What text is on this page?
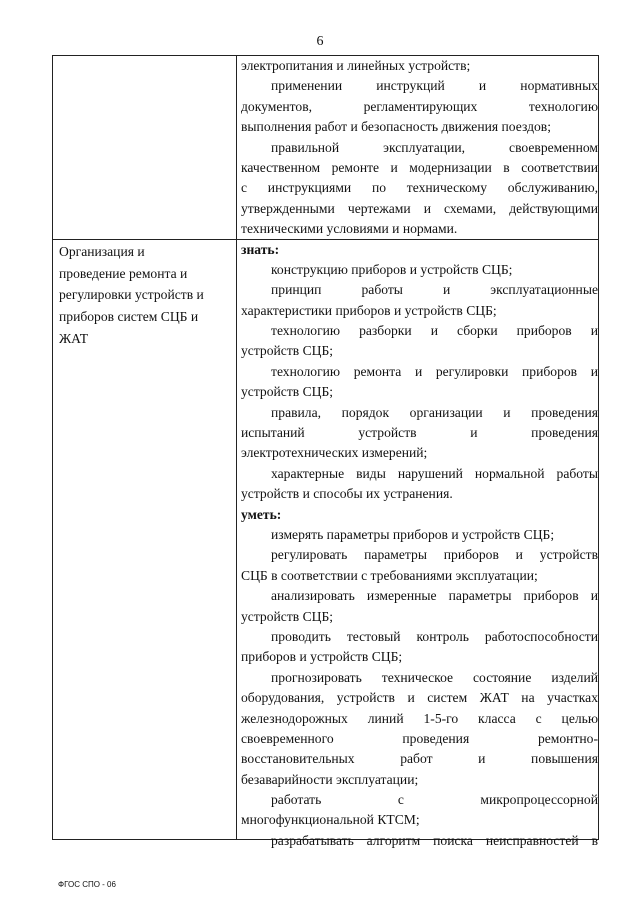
6
Организация и
проведение ремонта и
регулировки устройств и
приборов систем СЦБ и
ЖАТ
электропитания и линейных устройств;
применении инструкций и нормативных
документов, регламентирующих технологию
выполнения работ и безопасность движения поездов;
правильной эксплуатации, своевременном
качественном ремонте и модернизации в соответствии
с инструкциями по техническому обслуживанию,
утвержденными чертежами и схемами, действующими
техническими условиями и нормами.
знать:
конструкцию приборов и устройств СЦБ;
принцип работы и эксплуатационные
характеристики приборов и устройств СЦБ;
технологию разборки и сборки приборов и
устройств СЦБ;
технологию ремонта и регулировки приборов и
устройств СЦБ;
правила, порядок организации и проведения
испытаний устройств и проведения
электротехнических измерений;
характерные виды нарушений нормальной работы
устройств и способы их устранения.
уметь:
измерять параметры приборов и устройств СЦБ;
регулировать параметры приборов и устройств
СЦБ в соответствии с требованиями эксплуатации;
анализировать измеренные параметры приборов и
устройств СЦБ;
проводить тестовый контроль работоспособности
приборов и устройств СЦБ;
прогнозировать техническое состояние изделий
оборудования, устройств и систем ЖАТ на участках
железнодорожных линий 1-5-го класса с целью
своевременного проведения ремонтно-
восстановительных работ и повышения
безаварийности эксплуатации;
работать с микропроцессорной
многофункциональной КТСМ;
разрабатывать алгоритм поиска неисправностей в
ФГОС СПО - 06
